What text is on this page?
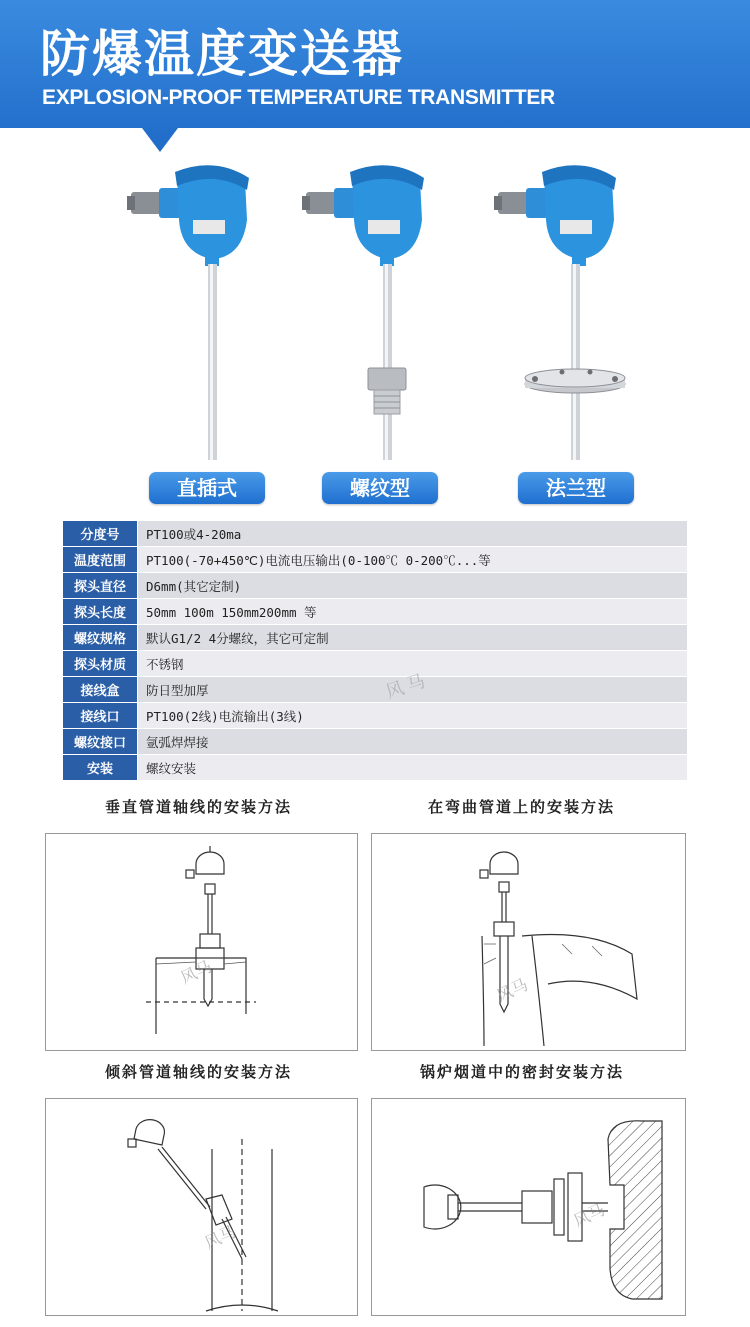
防爆温度变送器
EXPLOSION-PROOF TEMPERATURE TRANSMITTER
直插式	螺纹型	法兰型
分度号	PT100或4-20ma
温度范围	PT100(-70+450℃)电流电压输出(0-100℃ 0-200℃...等
探头直径	D6mm(其它定制)
探头长度	50mm 100m 150mm200mm 等
螺纹规格	默认G1/2 4分螺纹，其它可定制
探头材质	不锈钢
接线盒	防日型加厚
接线口	PT100(2线)电流输出(3线)
螺纹接口	氩弧焊焊接
安装	螺纹安装
风马
垂直管道轴线的安装方法	在弯曲管道上的安装方法
倾斜管道轴线的安装方法	锅炉烟道中的密封安装方法
风马
风马
风马
风马
